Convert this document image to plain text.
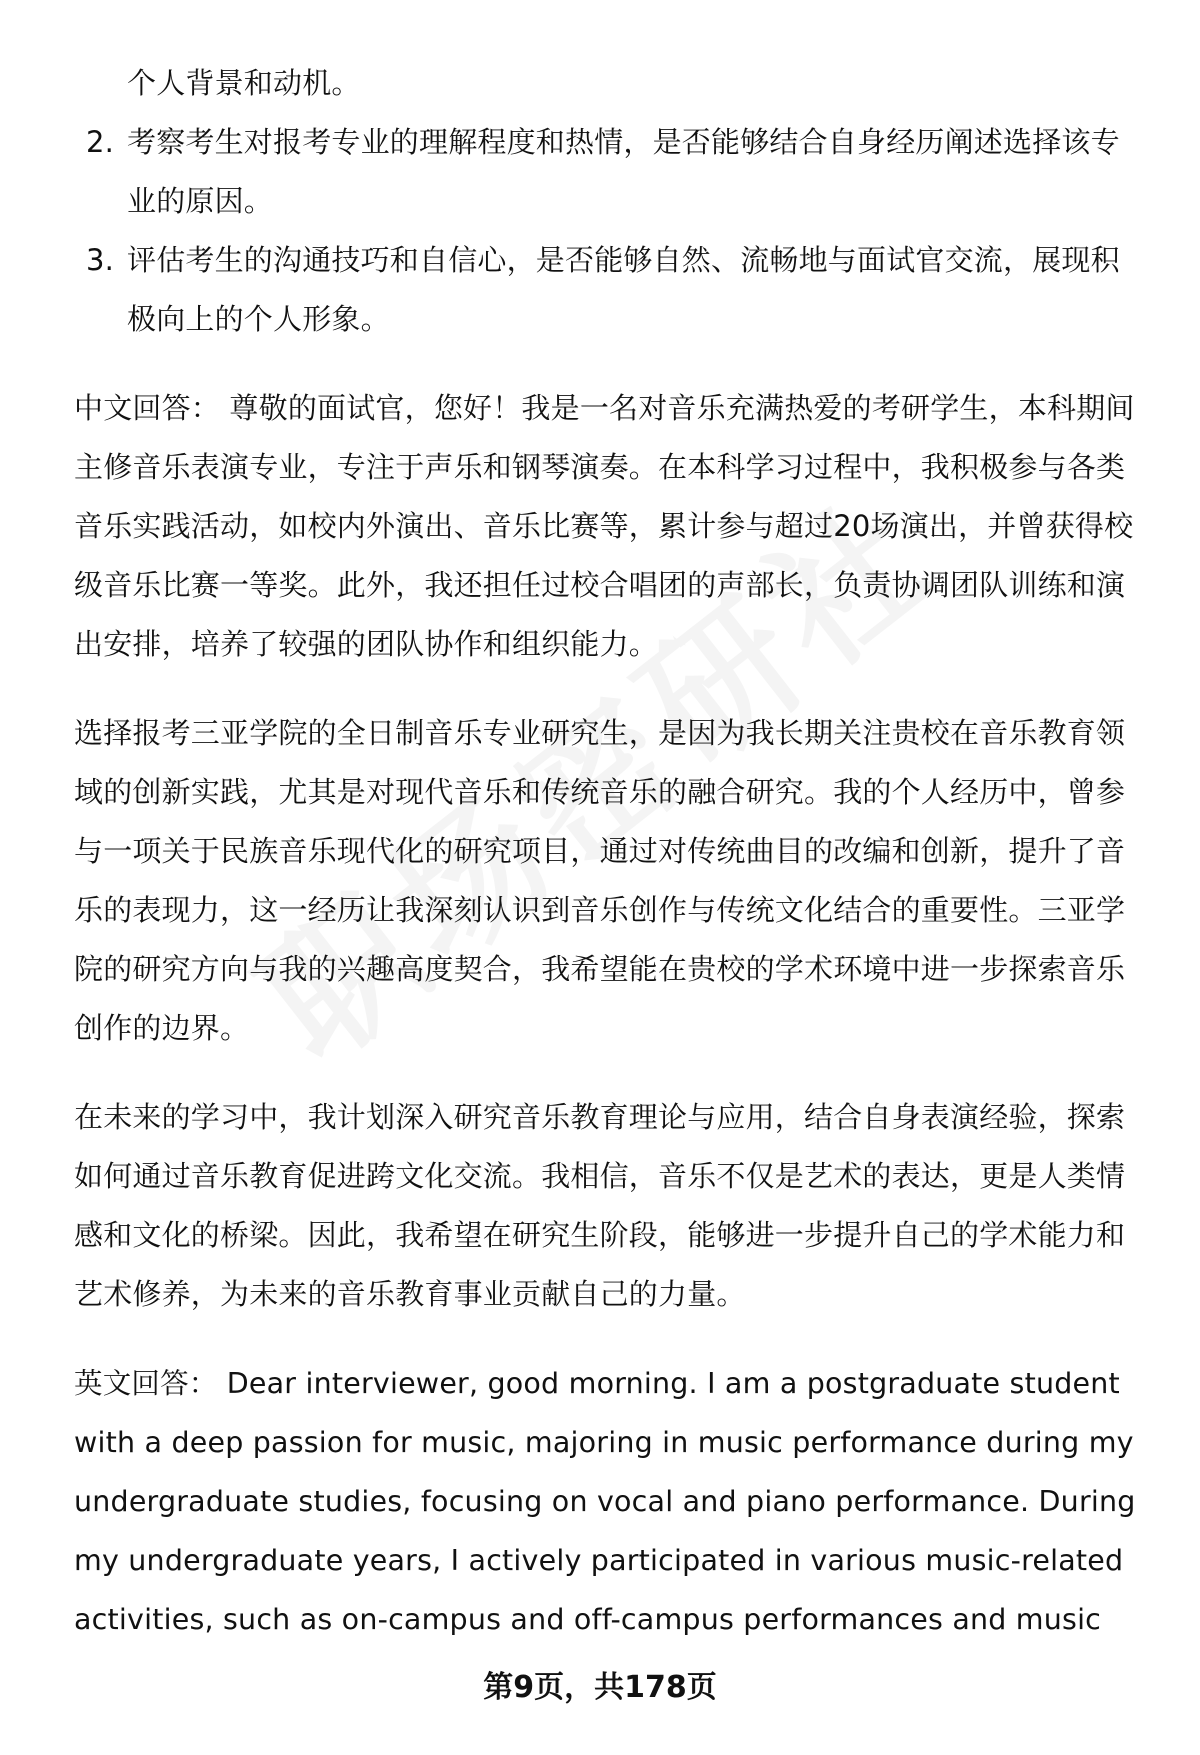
个人背景和动机。
2. 考察考生对报考专业的理解程度和热情，是否能够结合自身经历阐述选择该专
业的原因。
3. 评估考生的沟通技巧和自信心，是否能够自然、流畅地与面试官交流，展现积
极向上的个人形象。
中文回答： 尊敬的面试官，您好！我是一名对音乐充满热爱的考研学生，本科期间
主修音乐表演专业，专注于声乐和钢琴演奏。在本科学习过程中，我积极参与各类
音乐实践活动，如校内外演出、音乐比赛等，累计参与超过20场演出，并曾获得校
级音乐比赛一等奖。此外，我还担任过校合唱团的声部长，负责协调团队训练和演
出安排，培养了较强的团队协作和组织能力。
选择报考三亚学院的全日制音乐专业研究生，是因为我长期关注贵校在音乐教育领
域的创新实践，尤其是对现代音乐和传统音乐的融合研究。我的个人经历中，曾参
与一项关于民族音乐现代化的研究项目，通过对传统曲目的改编和创新，提升了音
乐的表现力，这一经历让我深刻认识到音乐创作与传统文化结合的重要性。三亚学
院的研究方向与我的兴趣高度契合，我希望能在贵校的学术环境中进一步探索音乐
创作的边界。
在未来的学习中，我计划深入研究音乐教育理论与应用，结合自身表演经验，探索
如何通过音乐教育促进跨文化交流。我相信，音乐不仅是艺术的表达，更是人类情
感和文化的桥梁。因此，我希望在研究生阶段，能够进一步提升自己的学术能力和
艺术修养，为未来的音乐教育事业贡献自己的力量。
英文回答： Dear interviewer, good morning. I am a postgraduate student
with a deep passion for music, majoring in music performance during my
undergraduate studies, focusing on vocal and piano performance. During
my undergraduate years, I actively participated in various music-related
activities, such as on-campus and off-campus performances and music
第9页，共178页
